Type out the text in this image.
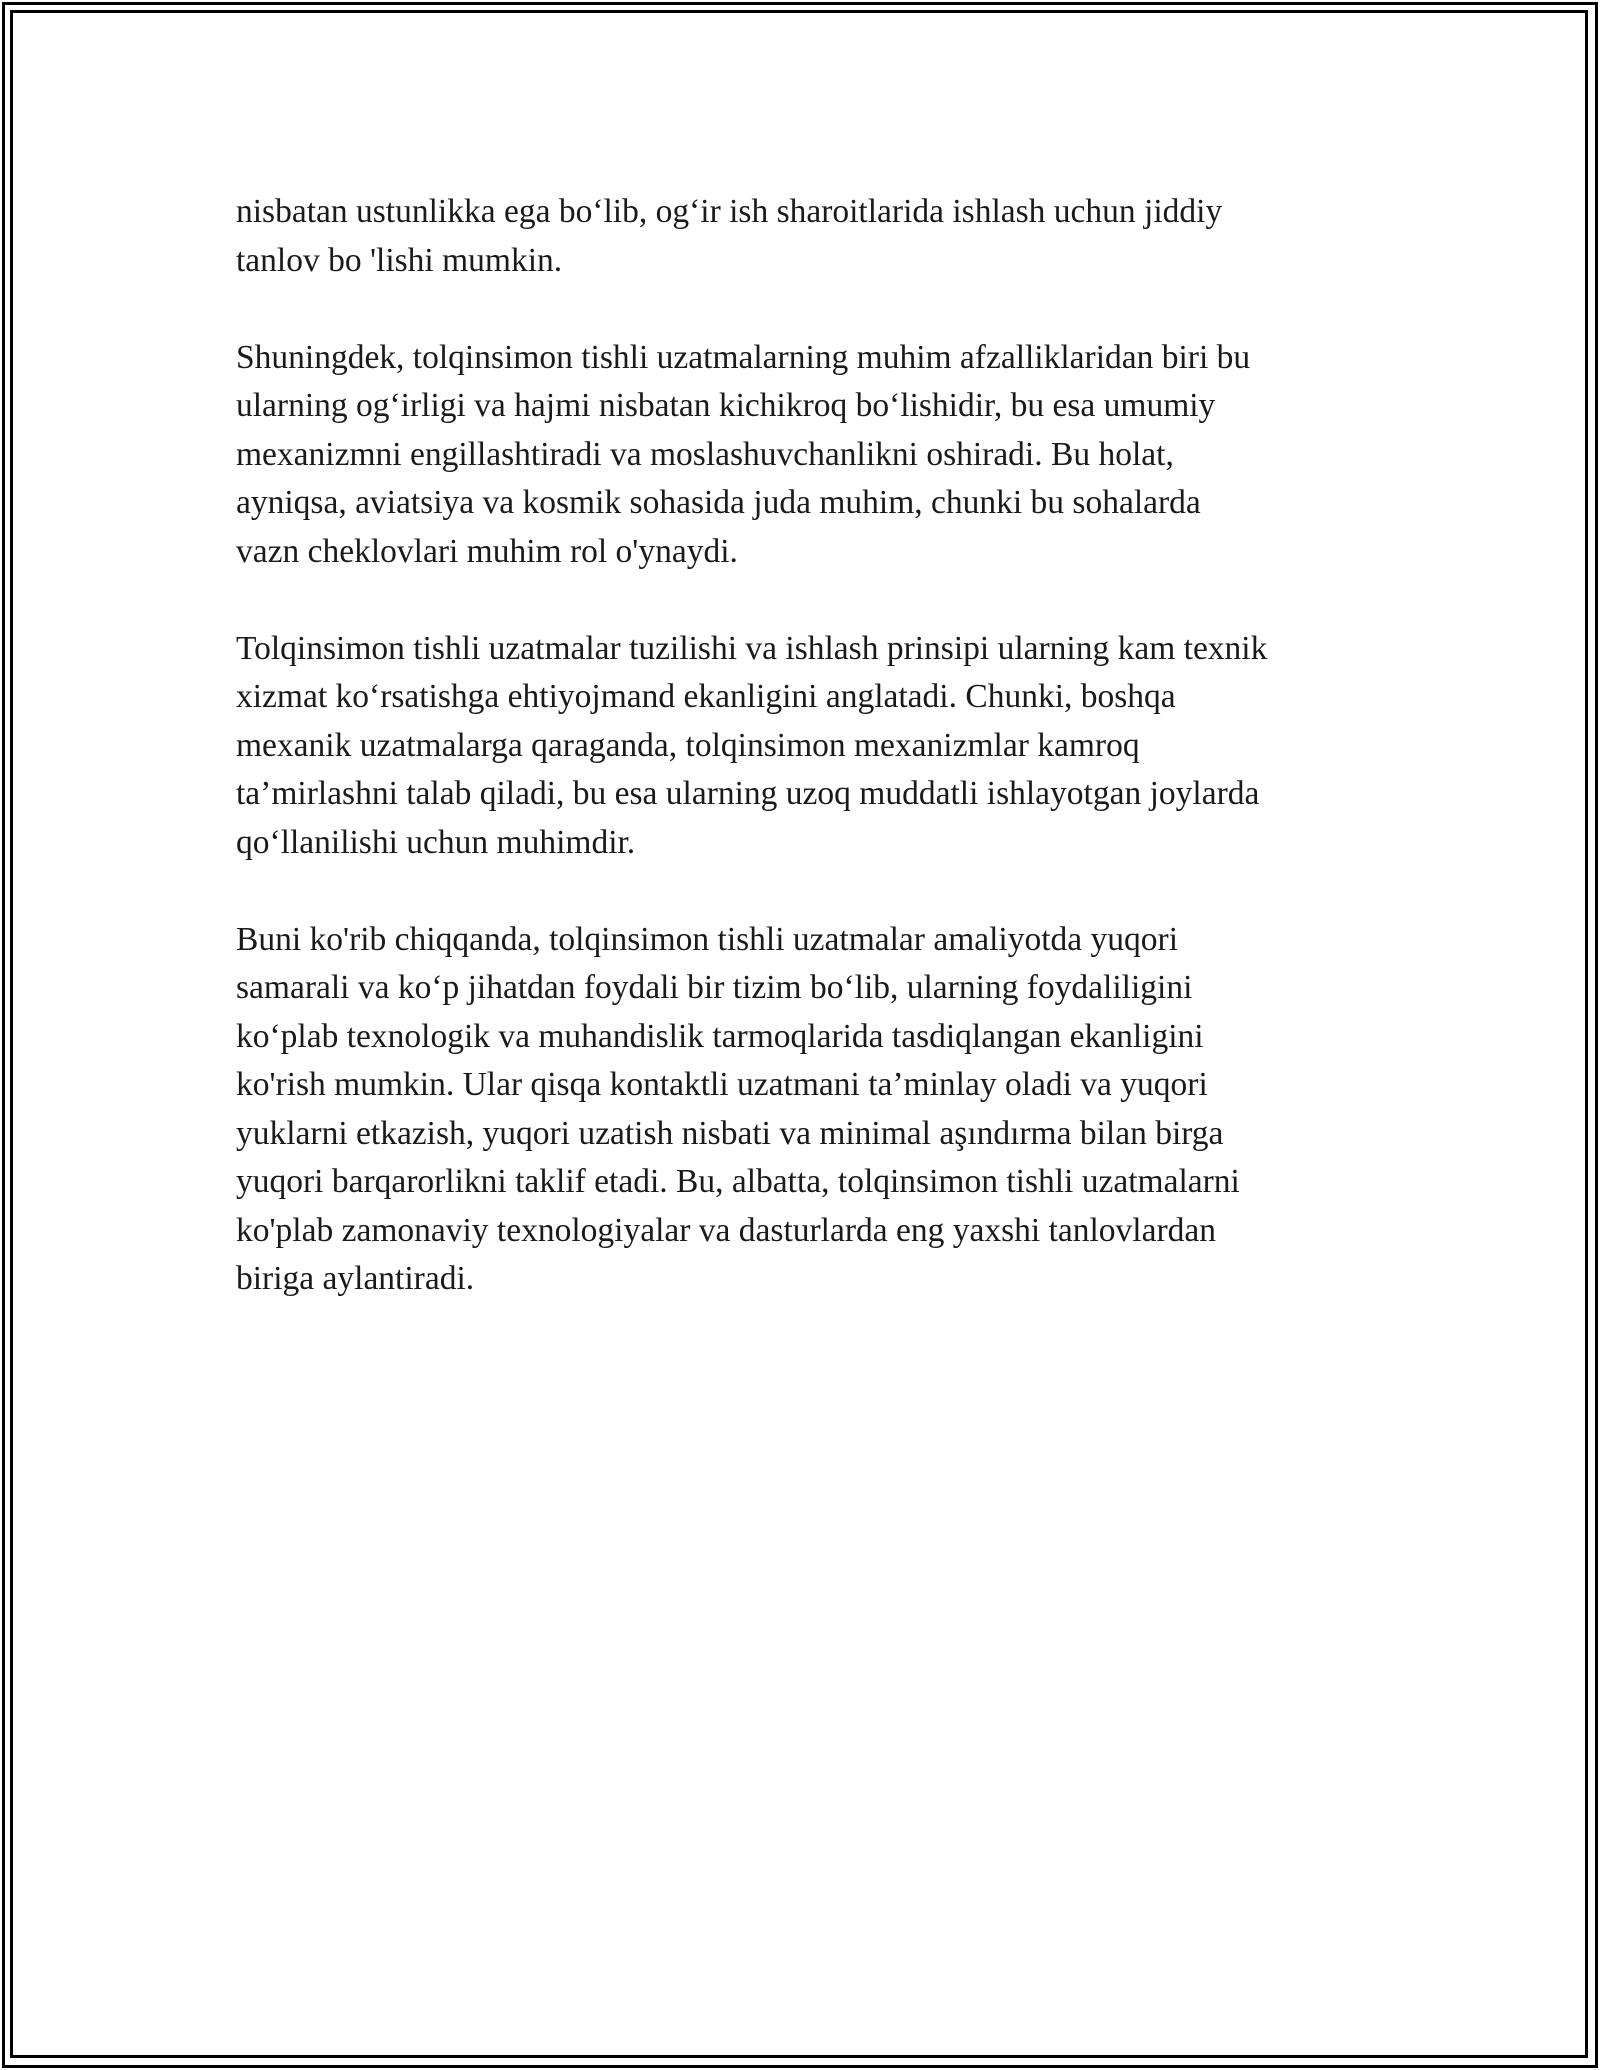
nisbatan ustunlikka ega bo‘lib, og‘ir ish sharoitlarida ishlash uchun jiddiy
tanlov bo 'lishi mumkin.

Shuningdek, tolqinsimon tishli uzatmalarning muhim afzalliklaridan biri bu
ularning og‘irligi va hajmi nisbatan kichikroq bo‘lishidir, bu esa umumiy
mexanizmni engillashtiradi va moslashuvchanlikni oshiradi. Bu holat,
ayniqsa, aviatsiya va kosmik sohasida juda muhim, chunki bu sohalarda
vazn cheklovlari muhim rol o'ynaydi.

Tolqinsimon tishli uzatmalar tuzilishi va ishlash prinsipi ularning kam texnik
xizmat ko‘rsatishga ehtiyojmand ekanligini anglatadi. Chunki, boshqa
mexanik uzatmalarga qaraganda, tolqinsimon mexanizmlar kamroq
ta’mirlashni talab qiladi, bu esa ularning uzoq muddatli ishlayotgan joylarda
qo‘llanilishi uchun muhimdir.

Buni ko'rib chiqqanda, tolqinsimon tishli uzatmalar amaliyotda yuqori
samarali va ko‘p jihatdan foydali bir tizim bo‘lib, ularning foydaliligini
ko‘plab texnologik va muhandislik tarmoqlarida tasdiqlangan ekanligini
ko'rish mumkin. Ular qisqa kontaktli uzatmani ta’minlay oladi va yuqori
yuklarni etkazish, yuqori uzatish nisbati va minimal aşındırma bilan birga
yuqori barqarorlikni taklif etadi. Bu, albatta, tolqinsimon tishli uzatmalarni
ko'plab zamonaviy texnologiyalar va dasturlarda eng yaxshi tanlovlardan
biriga aylantiradi.
